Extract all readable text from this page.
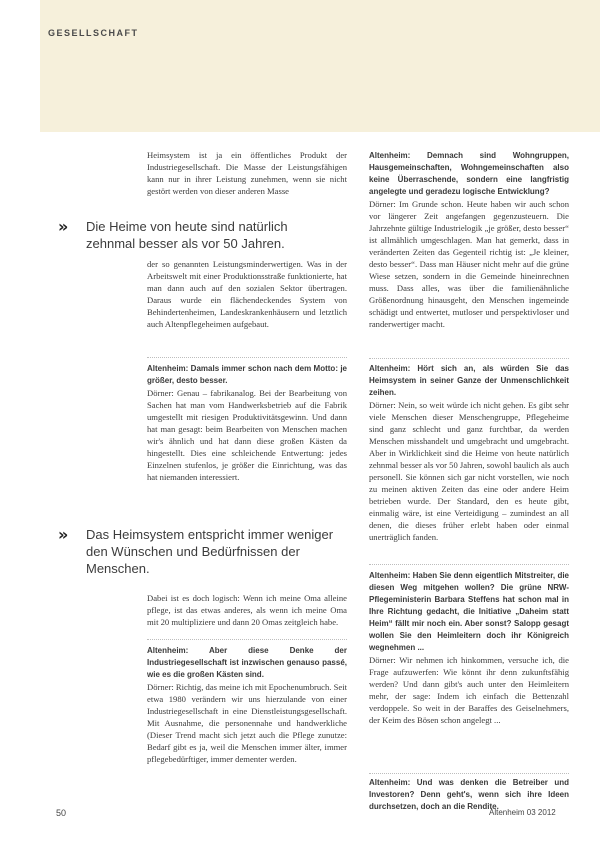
GESELLSCHAFT

Heimsystem ist ja ein öffentliches Produkt der Industriegesellschaft. Die Masse der Leistungsfähigen kann nur in ihrer Leistung zunehmen, wenn sie nicht gestört werden von dieser anderen Masse

» Die Heime von heute sind natürlich zehnmal besser als vor 50 Jahren.

der so genannten Leistungsminderwertigen. Was in der Arbeitswelt mit einer Produktionsstraße funktionierte, hat man dann auch auf den sozialen Sektor übertragen. Daraus wurde ein flächendeckendes System von Behindertenheimen, Landeskrankenhäusern und letztlich auch Altenpflegeheimen aufgebaut.

Altenheim: Damals immer schon nach dem Motto: je größer, desto besser.

Dörner: Genau – fabrikanalog. Bei der Bearbeitung von Sachen hat man vom Handwerksbetrieb auf die Fabrik umgestellt mit riesigen Produktivitätsgewinn. Und dann hat man gesagt: beim Bearbeiten von Menschen machen wir's ähnlich und hat dann diese großen Kästen da hingestellt. Dies eine schleichende Entwertung: jedes Einzelnen stufenlos, je größer die Einrichtung, was das hat niemanden interessiert.

» Das Heimsystem entspricht immer weniger den Wünschen und Bedürfnissen der Menschen.

Dabei ist es doch logisch: Wenn ich meine Oma alleine pflege, ist das etwas anderes, als wenn ich meine Oma mit 20 multipliziere und dann 20 Omas zeitgleich habe.

Altenheim: Aber diese Denke der Industriegesellschaft ist inzwischen genauso passé, wie es die großen Kästen sind.

Dörner: Richtig, das meine ich mit Epochenumbruch. Seit etwa 1980 verändern wir uns hierzulande von einer Industriegesellschaft in eine Dienstleistungsgesellschaft. Mit Ausnahme, die personennahe und handwerkliche (Dieser Trend macht sich jetzt auch die Pflege zunutze: Bedarf gibt es ja, weil die Menschen immer älter, immer pflegebedürftiger, immer dementer werden.

Altenheim: Demnach sind Wohngruppen, Hausgemeinschaften, Wohngemeinschaften also keine Überraschende, sondern eine langfristig angelegte und geradezu logische Entwicklung?

Dörner: Im Grunde schon. Heute haben wir auch schon vor längerer Zeit angefangen gegenzusteuern. Die Jahrzehnte gültige Industrielogik „je größer, desto besser“ ist allmählich umgeschlagen. Man hat gemerkt, dass in veränderten Zeiten das Gegenteil richtig ist: „Je kleiner, desto besser“. Dass man Häuser nicht mehr auf die grüne Wiese setzen, sondern in die Gemeinde hineinrechnen muss. Dass alles, was über die familienähnliche Größenordnung hinausgeht, den Menschen ingemeinde schädigt und entwertet, mutloser und perspektivloser und randerwertiger macht.

Altenheim: Hört sich an, als würden Sie das Heimsystem in seiner Ganze der Unmenschlichkeit zeihen.

Dörner: Nein, so weit würde ich nicht gehen. Es gibt sehr viele Menschen dieser Menschengruppe, Pflegeheime sind ganz schlecht und ganz furchtbar, da werden Menschen misshandelt und umgebracht und umgebracht. Aber in Wirklichkeit sind die Heime von heute natürlich zehnmal besser als vor 50 Jahren, sowohl baulich als auch personell. Sie können sich gar nicht vorstellen, wie noch zu meinen aktiven Zeiten das eine oder andere Heim betrieben wurde. Der Standard, den es heute gibt, einmalig wäre, ist eine Verteidigung – zumindest an all denen, die dieses früher erlebt haben oder einmal unerträglich fanden.

Altenheim: Haben Sie denn eigentlich Mitstreiter, die diesen Weg mitgehen wollen? Die grüne NRW-Pflegeministerin Barbara Steffens hat schon mal in Ihre Richtung gedacht, die Initiative „Daheim statt Heim“ fällt mir noch ein. Aber sonst? Salopp gesagt wollen Sie den Heimleitern doch ihr Königreich wegnehmen ...

Dörner: Wir nehmen ich hinkommen, versuche ich, die Frage aufzuwerfen: Wie könnt ihr denn zukunftsfähig werden? Und dann gibt's auch unter den Heimleitern mehr, der sage: Indem ich einfach die Bettenzahl verdoppele. So weit in der Baraffes des Geiselnehmers, der Keim des Bösen schon angelegt ...

Altenheim: Und was denken die Betreiber und Investoren? Denn geht's, wenn sich ihre Ideen durchsetzen, doch an die Rendite.

50	Altenheim 03 2012
